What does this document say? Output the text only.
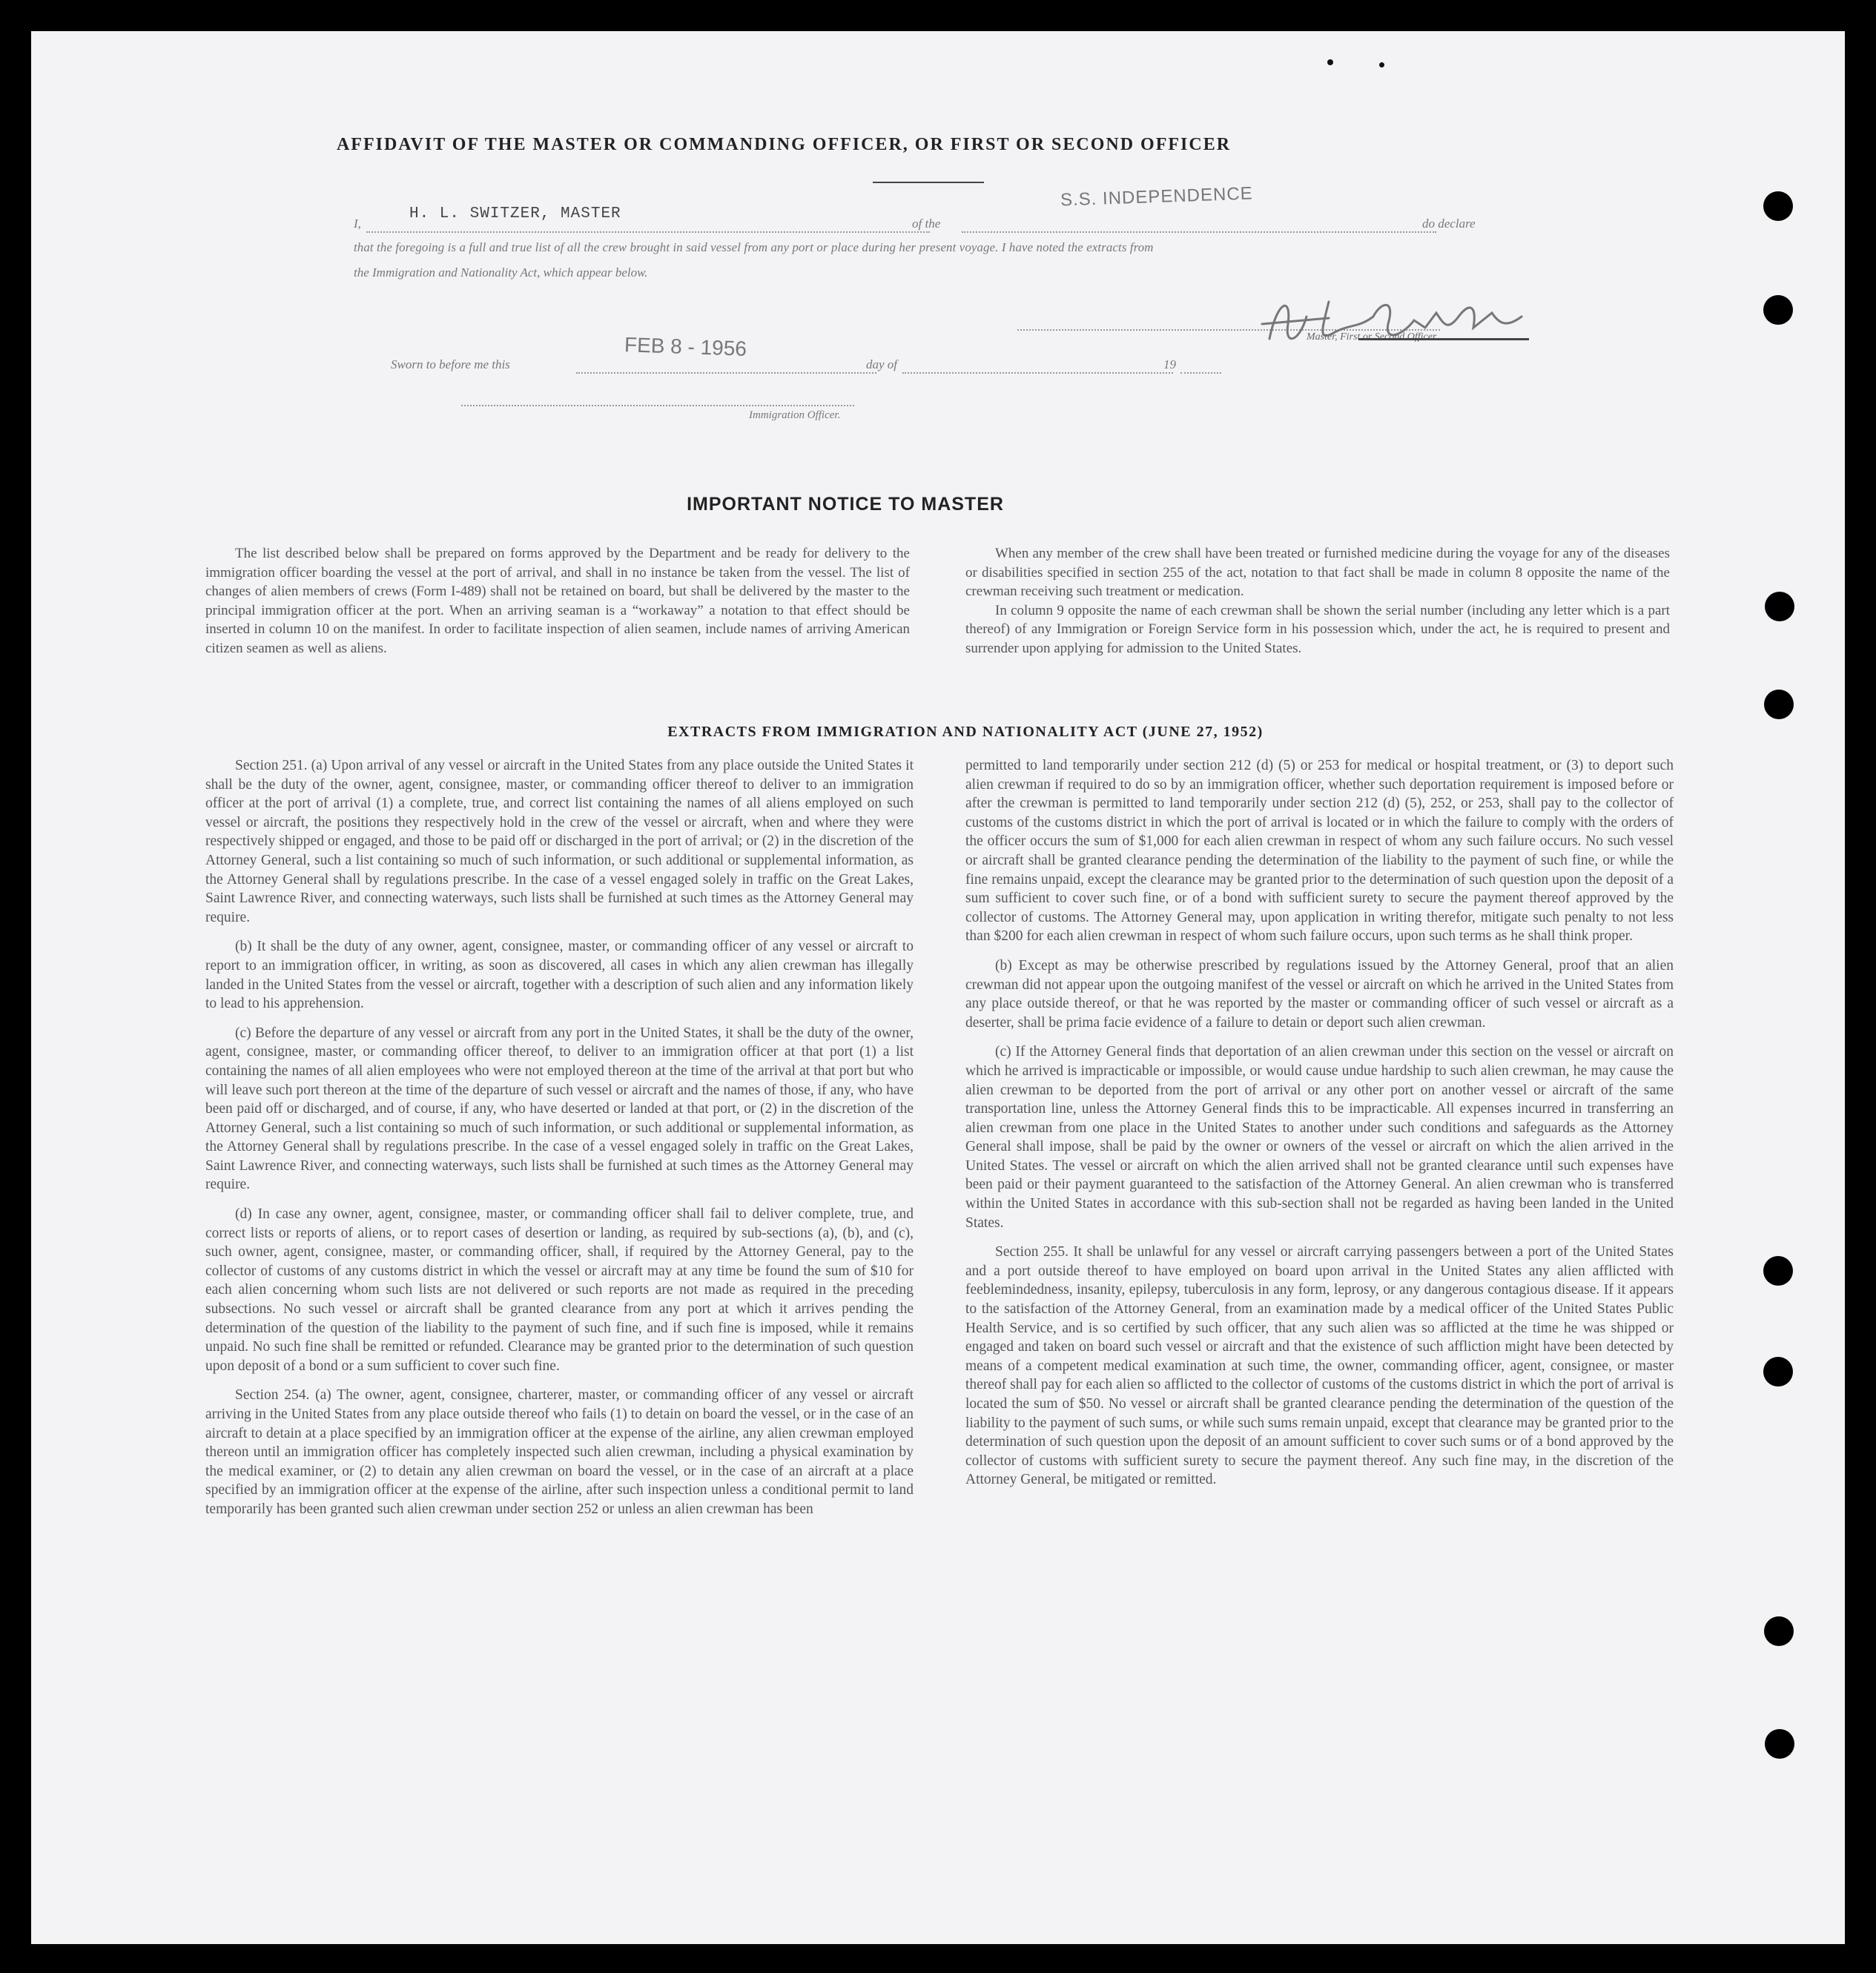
AFFIDAVIT OF THE MASTER OR COMMANDING OFFICER, OR FIRST OR SECOND OFFICER
I,
H. L. SWITZER, MASTER
of the
S.S. INDEPENDENCE
do declare
that the foregoing is a full and true list of all the crew brought in said vessel from any port or place during her present voyage. I have noted the extracts from
the Immigration and Nationality Act, which appear below.
Master, First or Second Officer.
Sworn to before me this
FEB 8 - 1956
day of	19
Immigration Officer.
IMPORTANT NOTICE TO MASTER

The list described below shall be prepared on forms approved by the Department and be ready for delivery to the immigration officer boarding the vessel at the port of arrival, and shall in no instance be taken from the vessel. The list of changes of alien members of crews (Form I-489) shall not be retained on board, but shall be delivered by the master to the principal immigration officer at the port. When an arriving seaman is a “workaway” a notation to that effect should be inserted in column 10 on the manifest. In order to facilitate inspection of alien seamen, include names of arriving American citizen seamen as well as aliens.

When any member of the crew shall have been treated or furnished medicine during the voyage for any of the diseases or disabilities specified in section 255 of the act, notation to that fact shall be made in column 8 opposite the name of the crewman receiving such treatment or medication.

In column 9 opposite the name of each crewman shall be shown the serial number (including any letter which is a part thereof) of any Immigration or Foreign Service form in his possession which, under the act, he is required to present and surrender upon applying for admission to the United States.

EXTRACTS FROM IMMIGRATION AND NATIONALITY ACT (JUNE 27, 1952)

Section 251. (a) Upon arrival of any vessel or aircraft in the United States from any place outside the United States it shall be the duty of the owner, agent, consignee, master, or commanding officer thereof to deliver to an immigration officer at the port of arrival (1) a complete, true, and correct list containing the names of all aliens employed on such vessel or aircraft, the positions they respectively hold in the crew of the vessel or aircraft, when and where they were respectively shipped or engaged, and those to be paid off or discharged in the port of arrival; or (2) in the discretion of the Attorney General, such a list containing so much of such information, or such additional or supplemental information, as the Attorney General shall by regulations prescribe. In the case of a vessel engaged solely in traffic on the Great Lakes, Saint Lawrence River, and connecting waterways, such lists shall be furnished at such times as the Attorney General may require.

(b) It shall be the duty of any owner, agent, consignee, master, or commanding officer of any vessel or aircraft to report to an immigration officer, in writing, as soon as discovered, all cases in which any alien crewman has illegally landed in the United States from the vessel or aircraft, together with a description of such alien and any information likely to lead to his apprehension.

(c) Before the departure of any vessel or aircraft from any port in the United States, it shall be the duty of the owner, agent, consignee, master, or commanding officer thereof, to deliver to an immigration officer at that port (1) a list containing the names of all alien employees who were not employed thereon at the time of the arrival at that port but who will leave such port thereon at the time of the departure of such vessel or aircraft and the names of those, if any, who have been paid off or discharged, and of course, if any, who have deserted or landed at that port, or (2) in the discretion of the Attorney General, such a list containing so much of such information, or such additional or supplemental information, as the Attorney General shall by regulations prescribe. In the case of a vessel engaged solely in traffic on the Great Lakes, Saint Lawrence River, and connecting waterways, such lists shall be furnished at such times as the Attorney General may require.

(d) In case any owner, agent, consignee, master, or commanding officer shall fail to deliver complete, true, and correct lists or reports of aliens, or to report cases of desertion or landing, as required by sub-sections (a), (b), and (c), such owner, agent, consignee, master, or commanding officer, shall, if required by the Attorney General, pay to the collector of customs of any customs district in which the vessel or aircraft may at any time be found the sum of $10 for each alien concerning whom such lists are not delivered or such reports are not made as required in the preceding subsections. No such vessel or aircraft shall be granted clearance from any port at which it arrives pending the determination of the question of the liability to the payment of such fine, and if such fine is imposed, while it remains unpaid. No such fine shall be remitted or refunded. Clearance may be granted prior to the determination of such question upon deposit of a bond or a sum sufficient to cover such fine.

Section 254. (a) The owner, agent, consignee, charterer, master, or commanding officer of any vessel or aircraft arriving in the United States from any place outside thereof who fails (1) to detain on board the vessel, or in the case of an aircraft to detain at a place specified by an immigration officer at the expense of the airline, any alien crewman employed thereon until an immigration officer has completely inspected such alien crewman, including a physical examination by the medical examiner, or (2) to detain any alien crewman on board the vessel, or in the case of an aircraft at a place specified by an immigration officer at the expense of the airline, after such inspection unless a conditional permit to land temporarily has been granted such alien crewman under section 252 or unless an alien crewman has been

permitted to land temporarily under section 212 (d) (5) or 253 for medical or hospital treatment, or (3) to deport such alien crewman if required to do so by an immigration officer, whether such deportation requirement is imposed before or after the crewman is permitted to land temporarily under section 212 (d) (5), 252, or 253, shall pay to the collector of customs of the customs district in which the port of arrival is located or in which the failure to comply with the orders of the officer occurs the sum of $1,000 for each alien crewman in respect of whom any such failure occurs. No such vessel or aircraft shall be granted clearance pending the determination of the liability to the payment of such fine, or while the fine remains unpaid, except the clearance may be granted prior to the determination of such question upon the deposit of a sum sufficient to cover such fine, or of a bond with sufficient surety to secure the payment thereof approved by the collector of customs. The Attorney General may, upon application in writing therefor, mitigate such penalty to not less than $200 for each alien crewman in respect of whom such failure occurs, upon such terms as he shall think proper.

(b) Except as may be otherwise prescribed by regulations issued by the Attorney General, proof that an alien crewman did not appear upon the outgoing manifest of the vessel or aircraft on which he arrived in the United States from any place outside thereof, or that he was reported by the master or commanding officer of such vessel or aircraft as a deserter, shall be prima facie evidence of a failure to detain or deport such alien crewman.

(c) If the Attorney General finds that deportation of an alien crewman under this section on the vessel or aircraft on which he arrived is impracticable or impossible, or would cause undue hardship to such alien crewman, he may cause the alien crewman to be deported from the port of arrival or any other port on another vessel or aircraft of the same transportation line, unless the Attorney General finds this to be impracticable. All expenses incurred in transferring an alien crewman from one place in the United States to another under such conditions and safeguards as the Attorney General shall impose, shall be paid by the owner or owners of the vessel or aircraft on which the alien arrived in the United States. The vessel or aircraft on which the alien arrived shall not be granted clearance until such expenses have been paid or their payment guaranteed to the satisfaction of the Attorney General. An alien crewman who is transferred within the United States in accordance with this sub-section shall not be regarded as having been landed in the United States.

Section 255. It shall be unlawful for any vessel or aircraft carrying passengers between a port of the United States and a port outside thereof to have employed on board upon arrival in the United States any alien afflicted with feeblemindedness, insanity, epilepsy, tuberculosis in any form, leprosy, or any dangerous contagious disease. If it appears to the satisfaction of the Attorney General, from an examination made by a medical officer of the United States Public Health Service, and is so certified by such officer, that any such alien was so afflicted at the time he was shipped or engaged and taken on board such vessel or aircraft and that the existence of such affliction might have been detected by means of a competent medical examination at such time, the owner, commanding officer, agent, consignee, or master thereof shall pay for each alien so afflicted to the collector of customs of the customs district in which the port of arrival is located the sum of $50. No vessel or aircraft shall be granted clearance pending the determination of the question of the liability to the payment of such sums, or while such sums remain unpaid, except that clearance may be granted prior to the determination of such question upon the deposit of an amount sufficient to cover such sums or of a bond approved by the collector of customs with sufficient surety to secure the payment thereof. Any such fine may, in the discretion of the Attorney General, be mitigated or remitted.
